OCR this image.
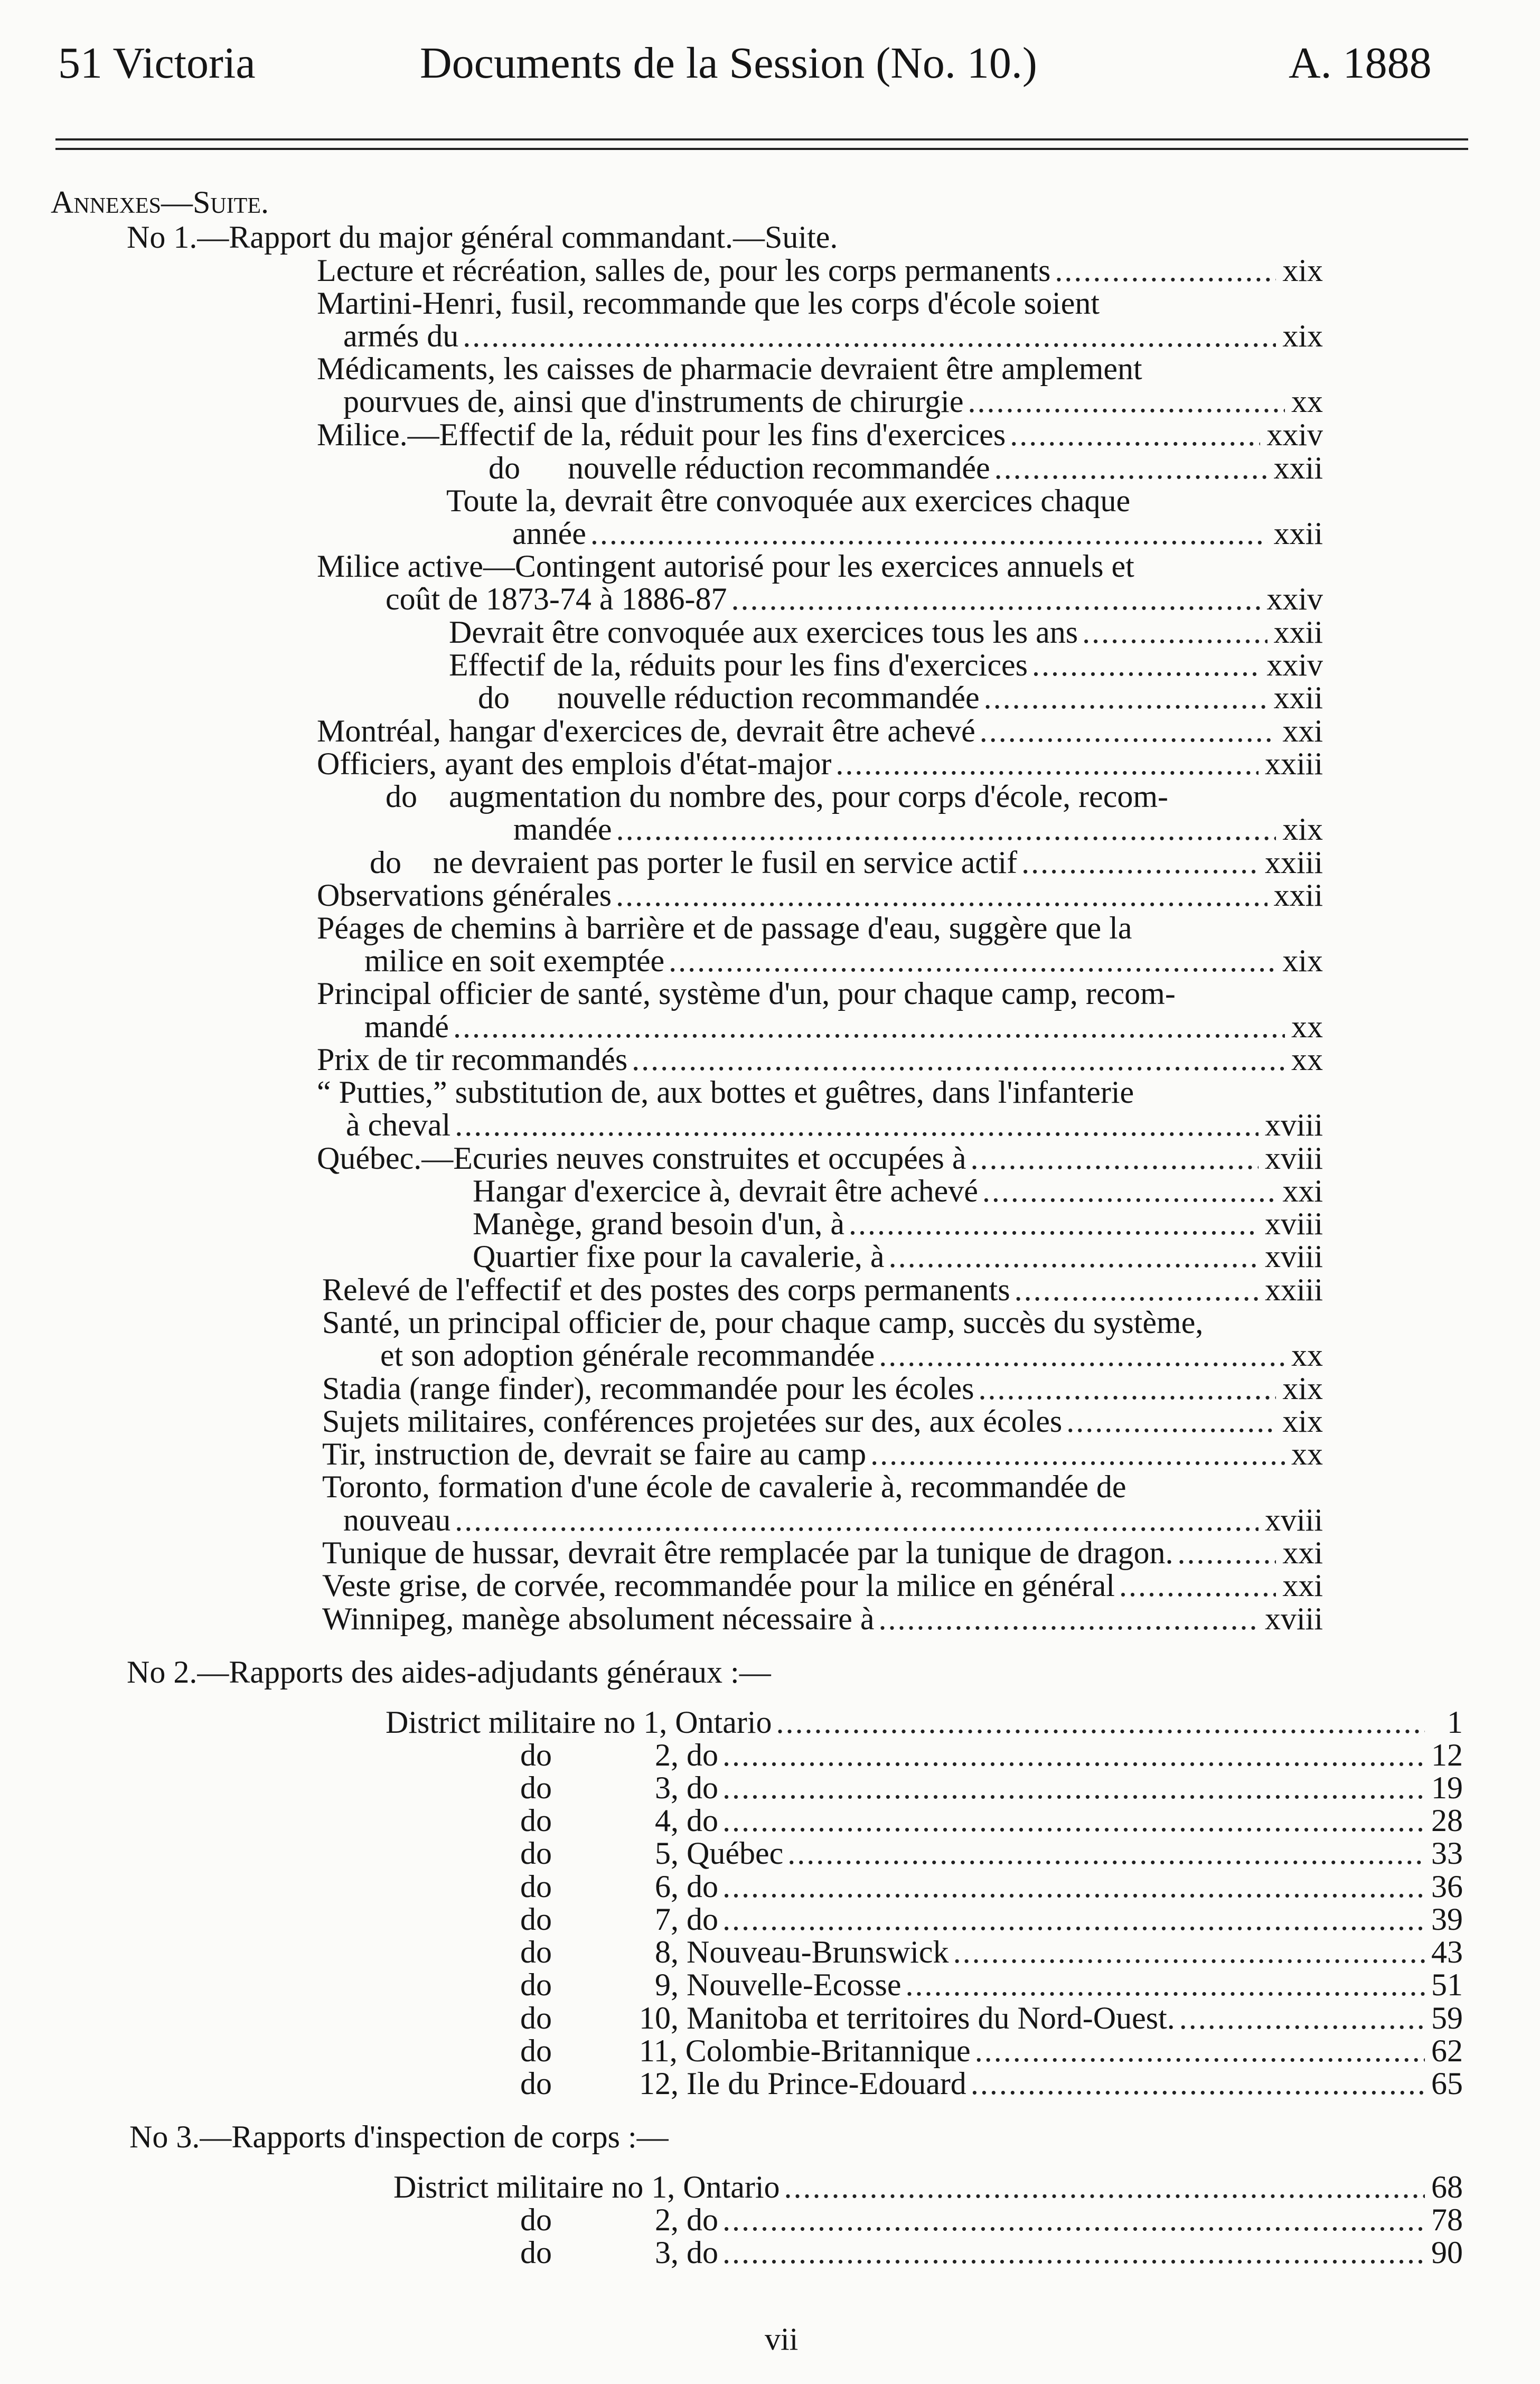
51 Victoria	Documents de la Session (No. 10.)	A. 1888
Annexes—Suite.
No 1.—Rapport du major général commandant.—Suite.
Lecture et récréation, salles de, pour les corps permanents .....	xix
Martini-Henri, fusil, recommande que les corps d'école soient
armés du .....	xix
Médicaments, les caisses de pharmacie devraient être amplement
pourvues de, ainsi que d'instruments de chirurgie .....	xx
Milice.—Effectif de la, réduit pour les fins d'exercices .....	xxiv
do      nouvelle réduction recommandée .....	xxii
Toute la, devrait être convoquée aux exercices chaque
année .....	xxii
Milice active—Contingent autorisé pour les exercices annuels et
coût de 1873-74 à 1886-87 .....	xxiv
Devrait être convoquée aux exercices tous les ans .....	xxii
Effectif de la, réduits pour les fins d'exercices .....	xxiv
do      nouvelle réduction recommandée .....	xxii
Montréal, hangar d'exercices de, devrait être achevé .....	xxi
Officiers, ayant des emplois d'état-major .....	xxiii
do    augmentation du nombre des, pour corps d'école, recom-
mandée .....	xix
do    ne devraient pas porter le fusil en service actif .....	xxiii
Observations générales .....	xxii
Péages de chemins à barrière et de passage d'eau, suggère que la
milice en soit exemptée .....	xix
Principal officier de santé, système d'un, pour chaque camp, recom-
mandé .....	xx
Prix de tir recommandés .....	xx
“ Putties,” substitution de, aux bottes et guêtres, dans l'infanterie
à cheval .....	xviii
Québec.—Ecuries neuves construites et occupées à .....	xviii
Hangar d'exercice à, devrait être achevé .....	xxi
Manège, grand besoin d'un, à .....	xviii
Quartier fixe pour la cavalerie, à .....	xviii
Relevé de l'effectif et des postes des corps permanents .....	xxiii
Santé, un principal officier de, pour chaque camp, succès du système,
et son adoption générale recommandée .....	xx
Stadia (range finder), recommandée pour les écoles .....	xix
Sujets militaires, conférences projetées sur des, aux écoles .....	xix
Tir, instruction de, devrait se faire au camp .....	xx
Toronto, formation d'une école de cavalerie à, recommandée de
nouveau .....	xviii
Tunique de hussar, devrait être remplacée par la tunique de dragon. .....	xxi
Veste grise, de corvée, recommandée pour la milice en général .....	xxi
Winnipeg, manège absolument nécessaire à .....	xviii
No 2.—Rapports des aides-adjudants généraux :—
District militaire no 1, Ontario .....	1
do             2, do .....	12
do             3, do .....	19
do             4, do .....	28
do             5, Québec .....	33
do             6, do .....	36
do             7, do .....	39
do             8, Nouveau-Brunswick .....	43
do             9, Nouvelle-Ecosse .....	51
do           10, Manitoba et territoires du Nord-Ouest. .....	59
do           11, Colombie-Britannique .....	62
do           12, Ile du Prince-Edouard .....	65
No 3.—Rapports d'inspection de corps :—
District militaire no 1, Ontario .....	68
do             2, do .....	78
do             3, do .....	90
vii
